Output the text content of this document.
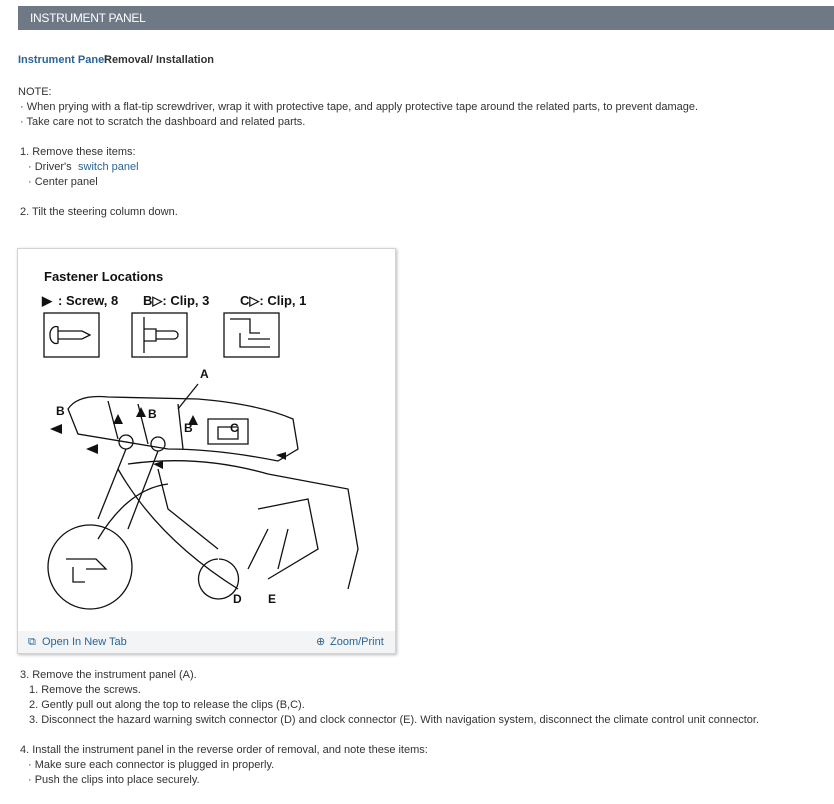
INSTRUMENT PANEL
Instrument Panel
Removal/ Installation
NOTE:
· When prying with a flat-tip screwdriver, wrap it with protective tape, and apply protective tape around the related parts, to prevent damage.
· Take care not to scratch the dashboard and related parts.
1. Remove these items:
· Driver's switch panel
· Center panel
2. Tilt the steering column down.
Fastener Locations
▶ : Screw, 8 B▷: Clip, 3 C▷: Clip, 1
A
B	B
B	C
D E
⧉ Open In New Tab	⊕ Zoom/Print
3. Remove the instrument panel (A).
1. Remove the screws.
2. Gently pull out along the top to release the clips (B,C).
3. Disconnect the hazard warning switch connector (D) and clock connector (E). With navigation system, disconnect the climate control unit connector.
4. Install the instrument panel in the reverse order of removal, and note these items:
· Make sure each connector is plugged in properly.
· Push the clips into place securely.
